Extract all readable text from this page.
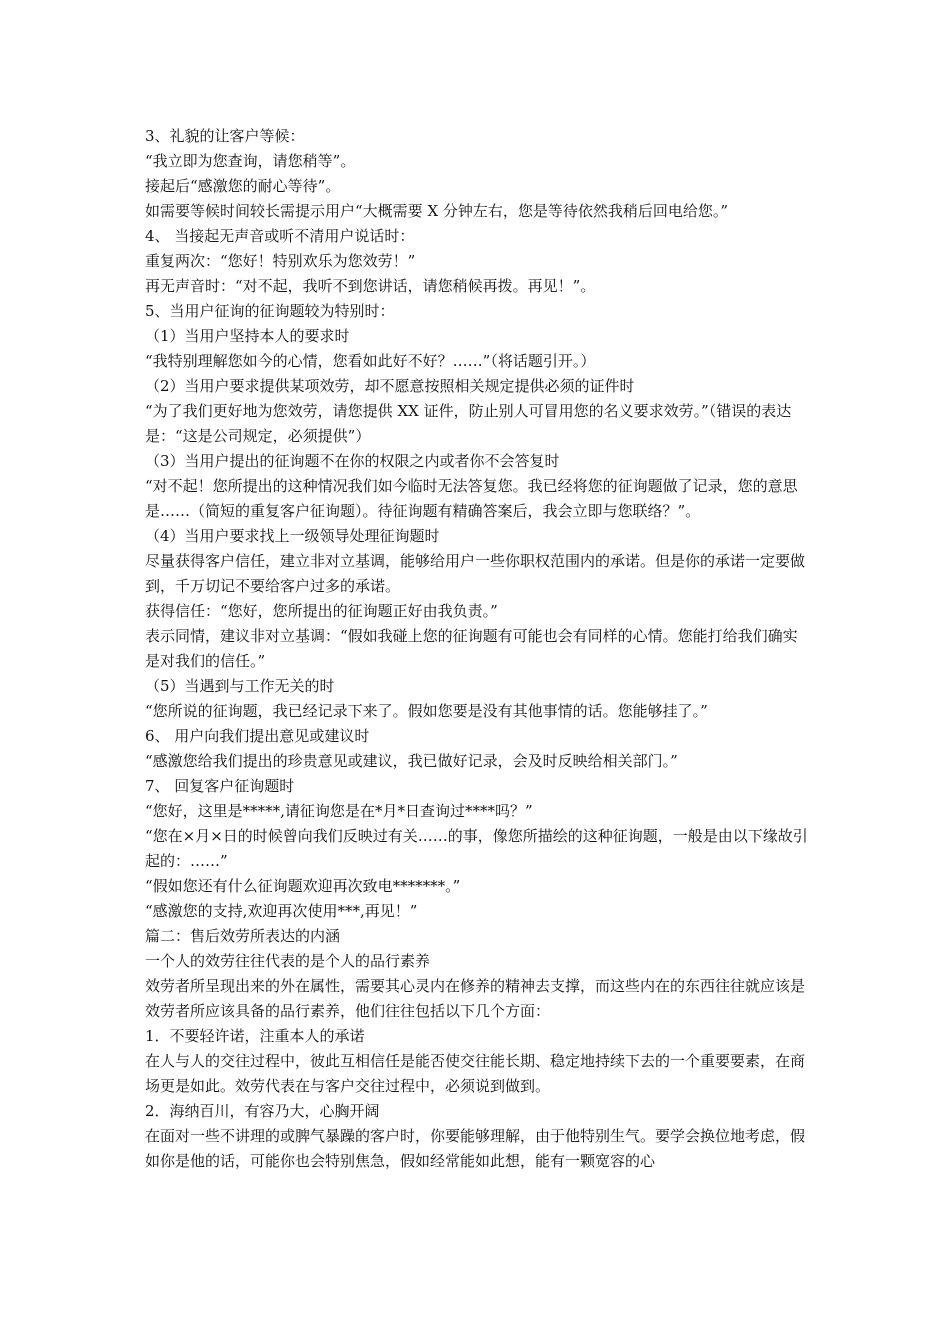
3、礼貌的让客户等候：

“我立即为您查询，请您稍等”。

接起后“感激您的耐心等待”。

如需要等候时间较长需提示用户“大概需要 X 分钟左右，您是等待依然我稍后回电给您。”

4、 当接起无声音或听不清用户说话时：

重复两次：“您好！特别欢乐为您效劳！”

再无声音时：“对不起，我听不到您讲话，请您稍候再拨。再见！”。

5、当用户征询的征询题较为特别时：

（1）当用户坚持本人的要求时

“我特别理解您如今的心情，您看如此好不好？……”（将话题引开。）

（2）当用户要求提供某项效劳，却不愿意按照相关规定提供必须的证件时

“为了我们更好地为您效劳，请您提供 XX 证件，防止别人可冒用您的名义要求效劳。”（错误的表达是：“这是公司规定，必须提供”）

（3）当用户提出的征询题不在你的权限之内或者你不会答复时

“对不起！您所提出的这种情况我们如今临时无法答复您。我已经将您的征询题做了记录，您的意思是……（简短的重复客户征询题）。待征询题有精确答案后，我会立即与您联络？”。

（4）当用户要求找上一级领导处理征询题时

尽量获得客户信任，建立非对立基调，能够给用户一些你职权范围内的承诺。但是你的承诺一定要做到，千万切记不要给客户过多的承诺。

获得信任：“您好，您所提出的征询题正好由我负责。”

表示同情，建议非对立基调：“假如我碰上您的征询题有可能也会有同样的心情。您能打给我们确实是对我们的信任。”

（5）当遇到与工作无关的时

“您所说的征询题，我已经记录下来了。假如您要是没有其他事情的话。您能够挂了。”

6、 用户向我们提出意见或建议时

“感激您给我们提出的珍贵意见或建议，我已做好记录，会及时反映给相关部门。”

7、 回复客户征询题时

“您好，这里是*****,请征询您是在*月*日查询过****吗？”

“您在×月×日的时候曾向我们反映过有关……的事，像您所描绘的这种征询题，一般是由以下缘故引起的：……”

“假如您还有什么征询题欢迎再次致电*******。”

“感激您的支持,欢迎再次使用***,再见！”

篇二：售后效劳所表达的内涵

一个人的效劳往往代表的是个人的品行素养

效劳者所呈现出来的外在属性，需要其心灵内在修养的精神去支撑，而这些内在的东西往往就应该是效劳者所应该具备的品行素养，他们往往包括以下几个方面：

1．不要轻许诺，注重本人的承诺

在人与人的交往过程中，彼此互相信任是能否使交往能长期、稳定地持续下去的一个重要要素，在商场更是如此。效劳代表在与客户交往过程中，必须说到做到。

2．海纳百川，有容乃大，心胸开阔

在面对一些不讲理的或脾气暴躁的客户时，你要能够理解，由于他特别生气。要学会换位地考虑，假如你是他的话，可能你也会特别焦急，假如经常能如此想，能有一颗宽容的心
